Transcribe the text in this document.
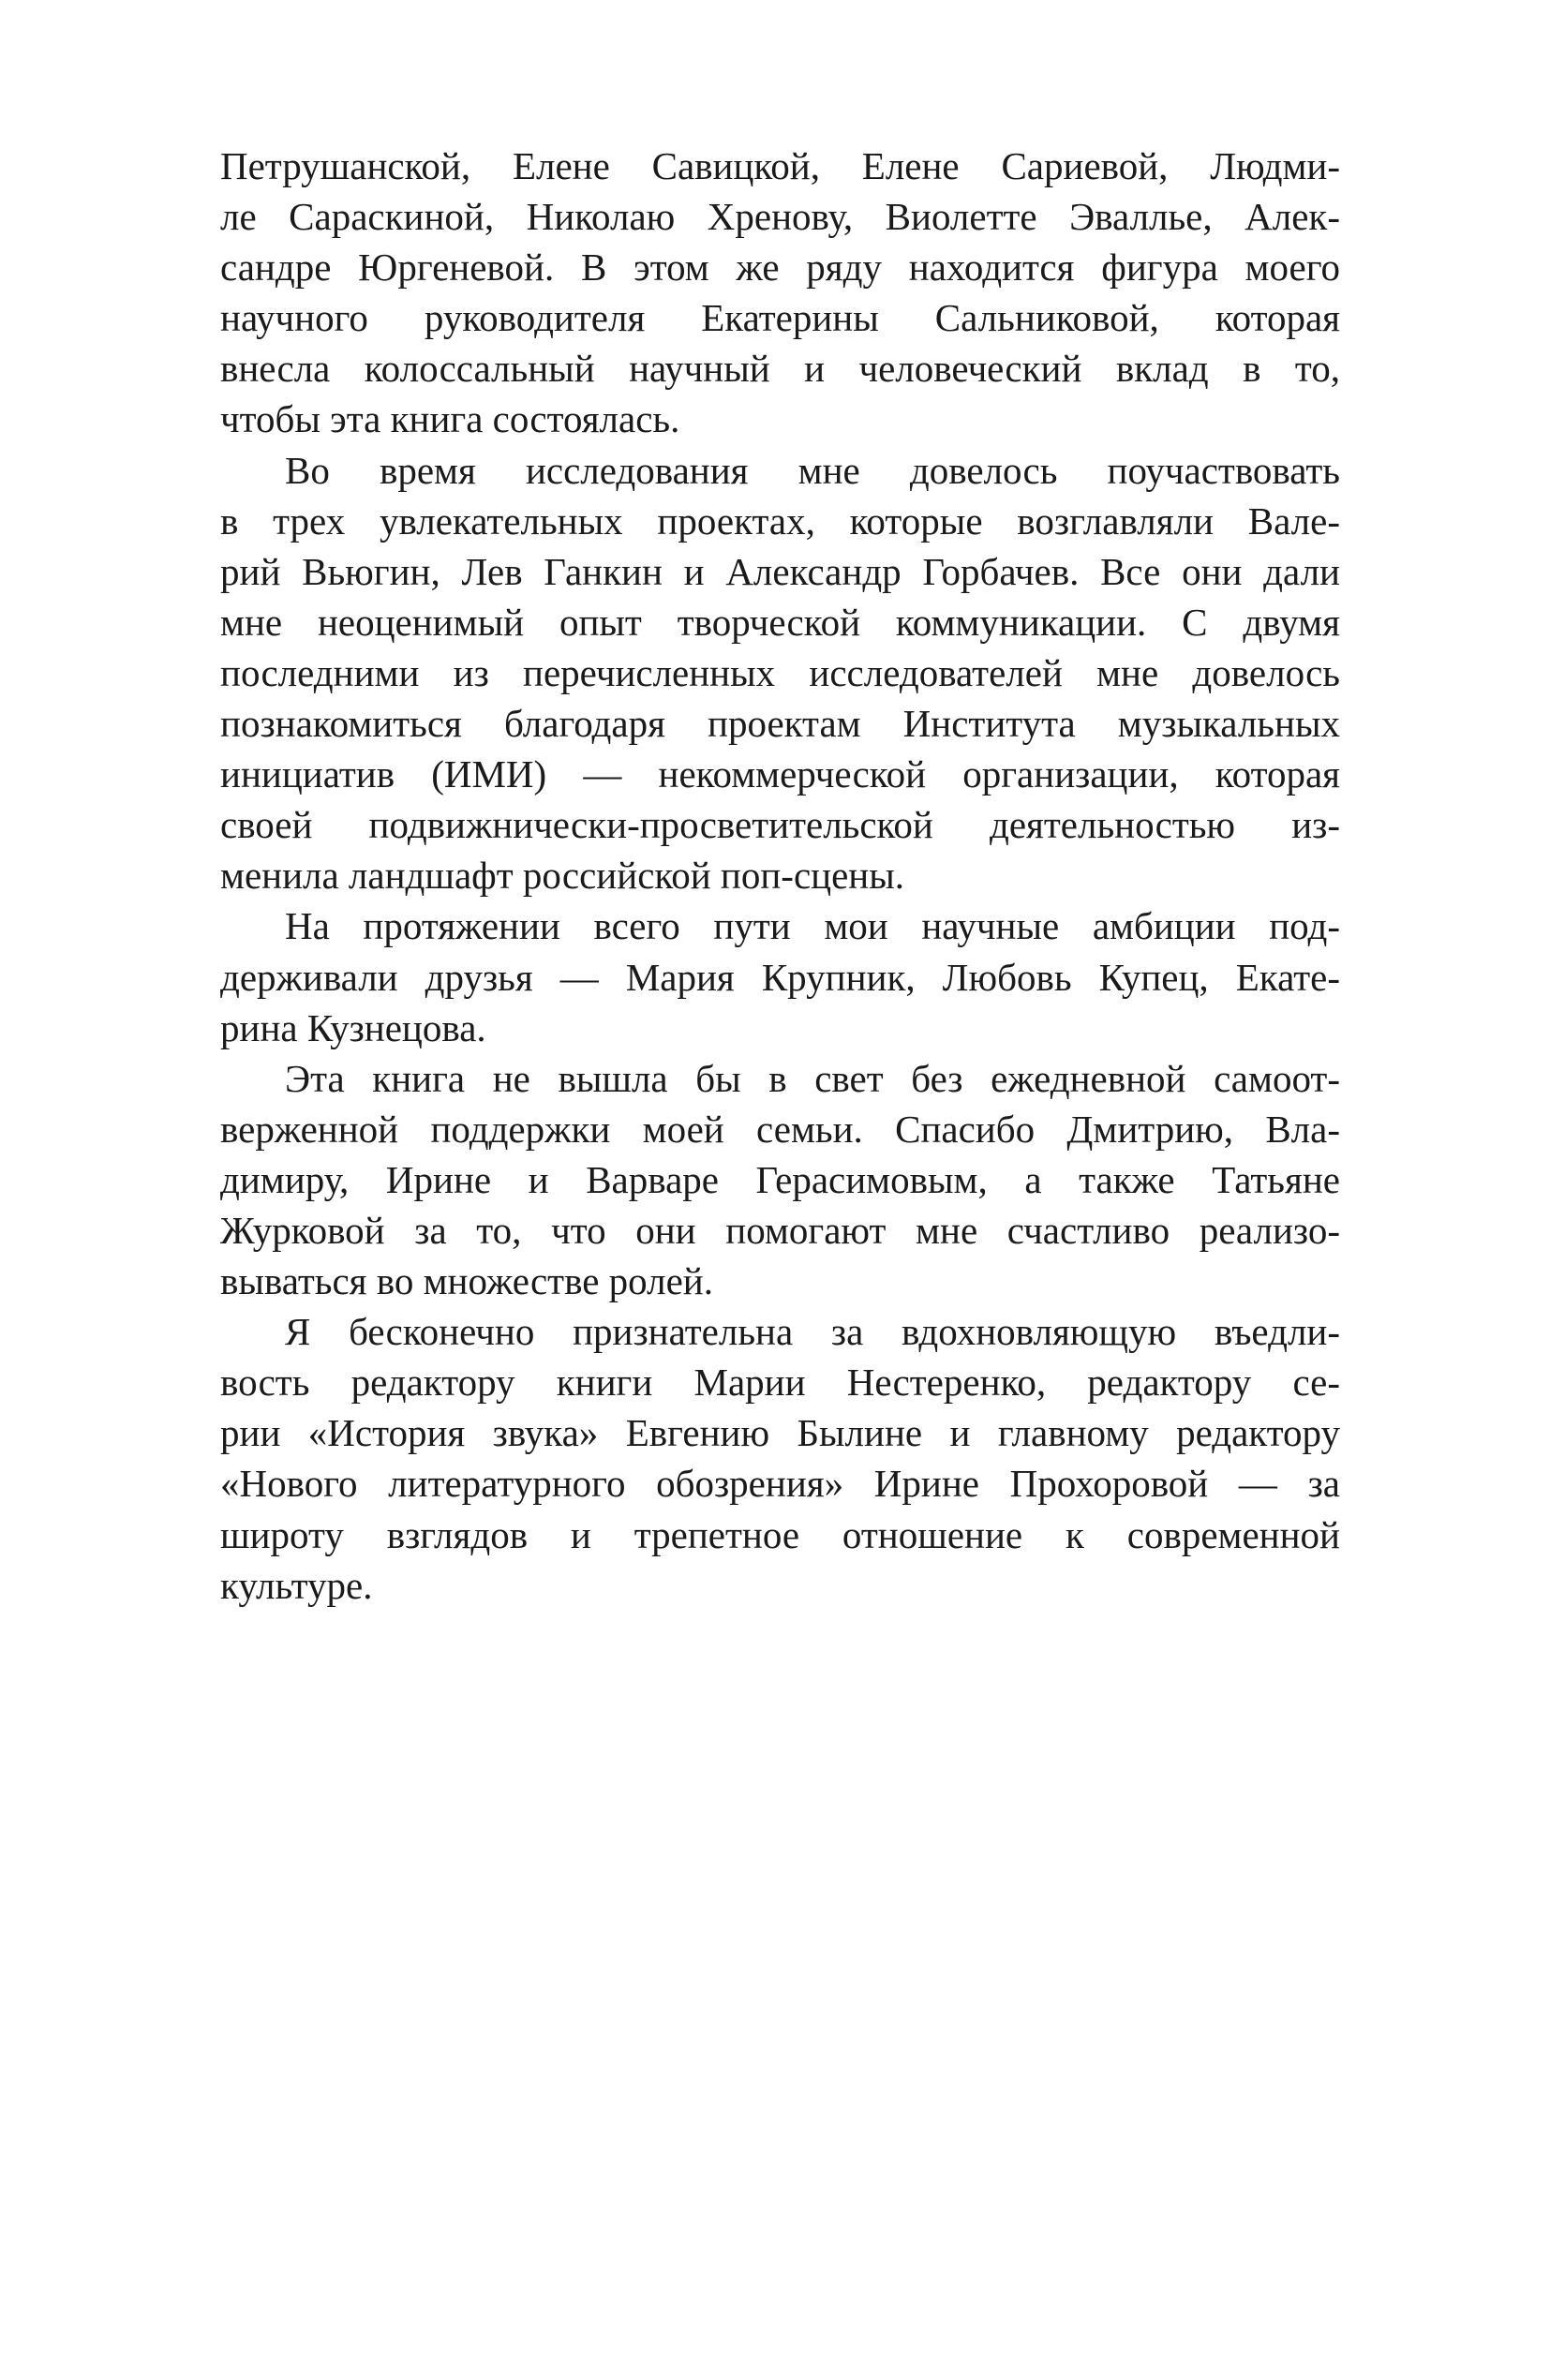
Петрушанской, Елене Савицкой, Елене Сариевой, Людми-
ле Сараскиной, Николаю Хренову, Виолетте Эвалльe, Алек-
сандре Юргеневой. В этом же ряду находится фигура моего
научного руководителя Екатерины Сальниковой, которая
внесла колоссальный научный и человеческий вклад в то,
чтобы эта книга состоялась.

Во время исследования мне довелось поучаствовать
в трех увлекательных проектах, которые возглавляли Вале-
рий Вьюгин, Лев Ганкин и Александр Горбачев. Все они дали
мне неоценимый опыт творческой коммуникации. С двумя
последними из перечисленных исследователей мне довелось
познакомиться благодаря проектам Института музыкальных
инициатив (ИМИ) — некоммерческой организации, которая
своей подвижнически-просветительской деятельностью из-
менила ландшафт российской поп-сцены.

На протяжении всего пути мои научные амбиции под-
держивали друзья — Мария Крупник, Любовь Купец, Екате-
рина Кузнецова.

Эта книга не вышла бы в свет без ежедневной самоот-
верженной поддержки моей семьи. Спасибо Дмитрию, Вла-
димиру, Ирине и Варваре Герасимовым, а также Татьяне
Журковой за то, что они помогают мне счастливо реализо-
вываться во множестве ролей.

Я бесконечно признательна за вдохновляющую въедли-
вость редактору книги Марии Нестеренко, редактору се-
рии «История звука» Евгению Былине и главному редактору
«Нового литературного обозрения» Ирине Прохоровой — за
широту взглядов и трепетное отношение к современной
культуре.
